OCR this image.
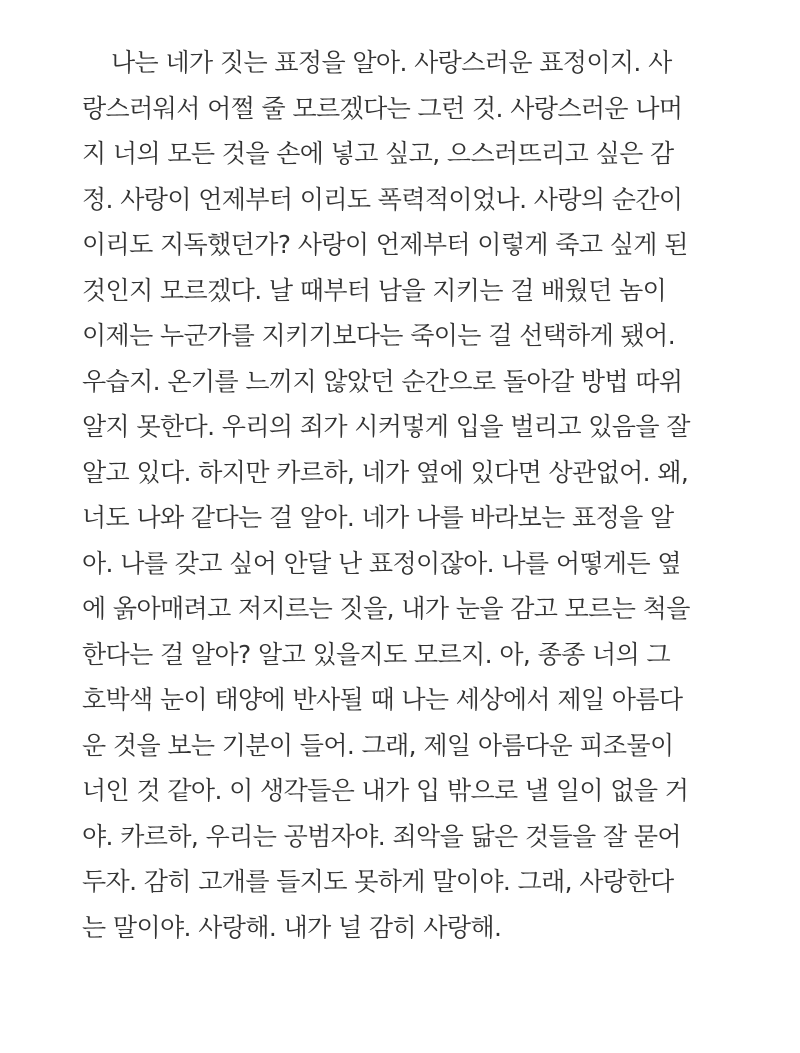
나는 네가 짓는 표정을 알아. 사랑스러운 표정이지. 사
랑스러워서 어쩔 줄 모르겠다는 그런 것. 사랑스러운 나머
지 너의 모든 것을 손에 넣고 싶고, 으스러뜨리고 싶은 감
정. 사랑이 언제부터 이리도 폭력적이었나. 사랑의 순간이
이리도 지독했던가? 사랑이 언제부터 이렇게 죽고 싶게 된
것인지 모르겠다. 날 때부터 남을 지키는 걸 배웠던 놈이
이제는 누군가를 지키기보다는 죽이는 걸 선택하게 됐어.
우습지. 온기를 느끼지 않았던 순간으로 돌아갈 방법 따위
알지 못한다. 우리의 죄가 시커멓게 입을 벌리고 있음을 잘
알고 있다. 하지만 카르하, 네가 옆에 있다면 상관없어. 왜,
너도 나와 같다는 걸 알아. 네가 나를 바라보는 표정을 알
아. 나를 갖고 싶어 안달 난 표정이잖아. 나를 어떻게든 옆
에 옭아매려고 저지르는 짓을, 내가 눈을 감고 모르는 척을
한다는 걸 알아? 알고 있을지도 모르지. 아, 종종 너의 그
호박색 눈이 태양에 반사될 때 나는 세상에서 제일 아름다
운 것을 보는 기분이 들어. 그래, 제일 아름다운 피조물이
너인 것 같아. 이 생각들은 내가 입 밖으로 낼 일이 없을 거
야. 카르하, 우리는 공범자야. 죄악을 닮은 것들을 잘 묻어
두자. 감히 고개를 들지도 못하게 말이야. 그래, 사랑한다
는 말이야. 사랑해. 내가 널 감히 사랑해.
